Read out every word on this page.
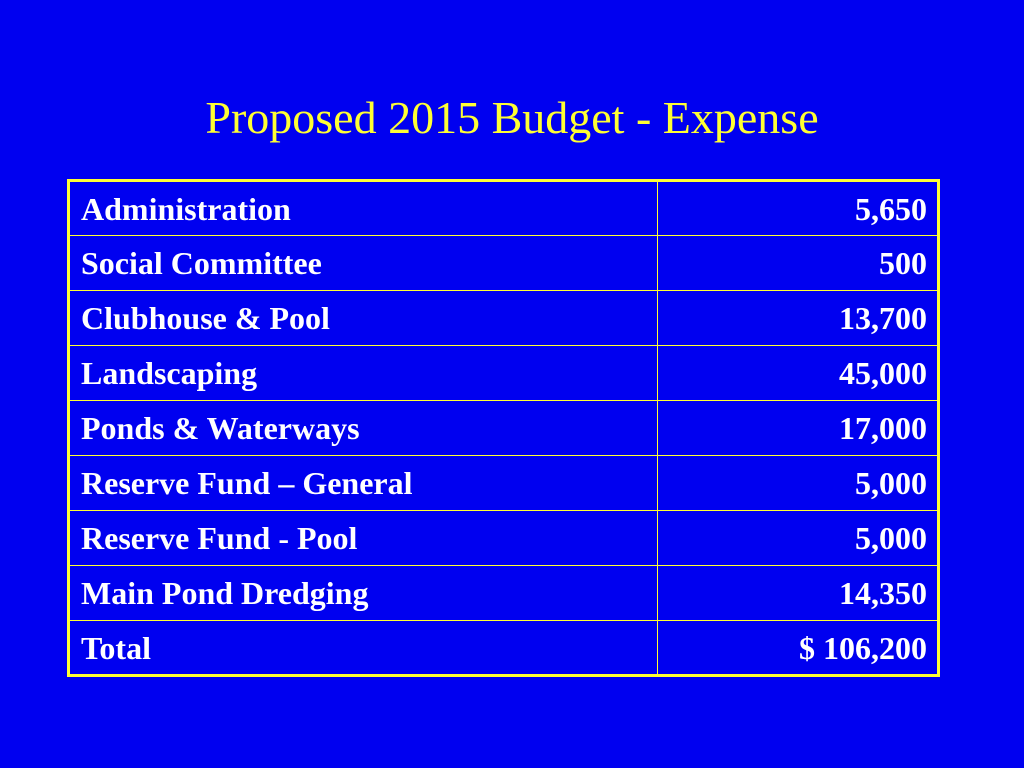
Proposed 2015 Budget - Expense
Administration	5,650
Social Committee	500
Clubhouse & Pool	13,700
Landscaping	45,000
Ponds & Waterways	17,000
Reserve Fund – General	5,000
Reserve Fund - Pool	5,000
Main Pond Dredging	14,350
Total	$ 106,200
